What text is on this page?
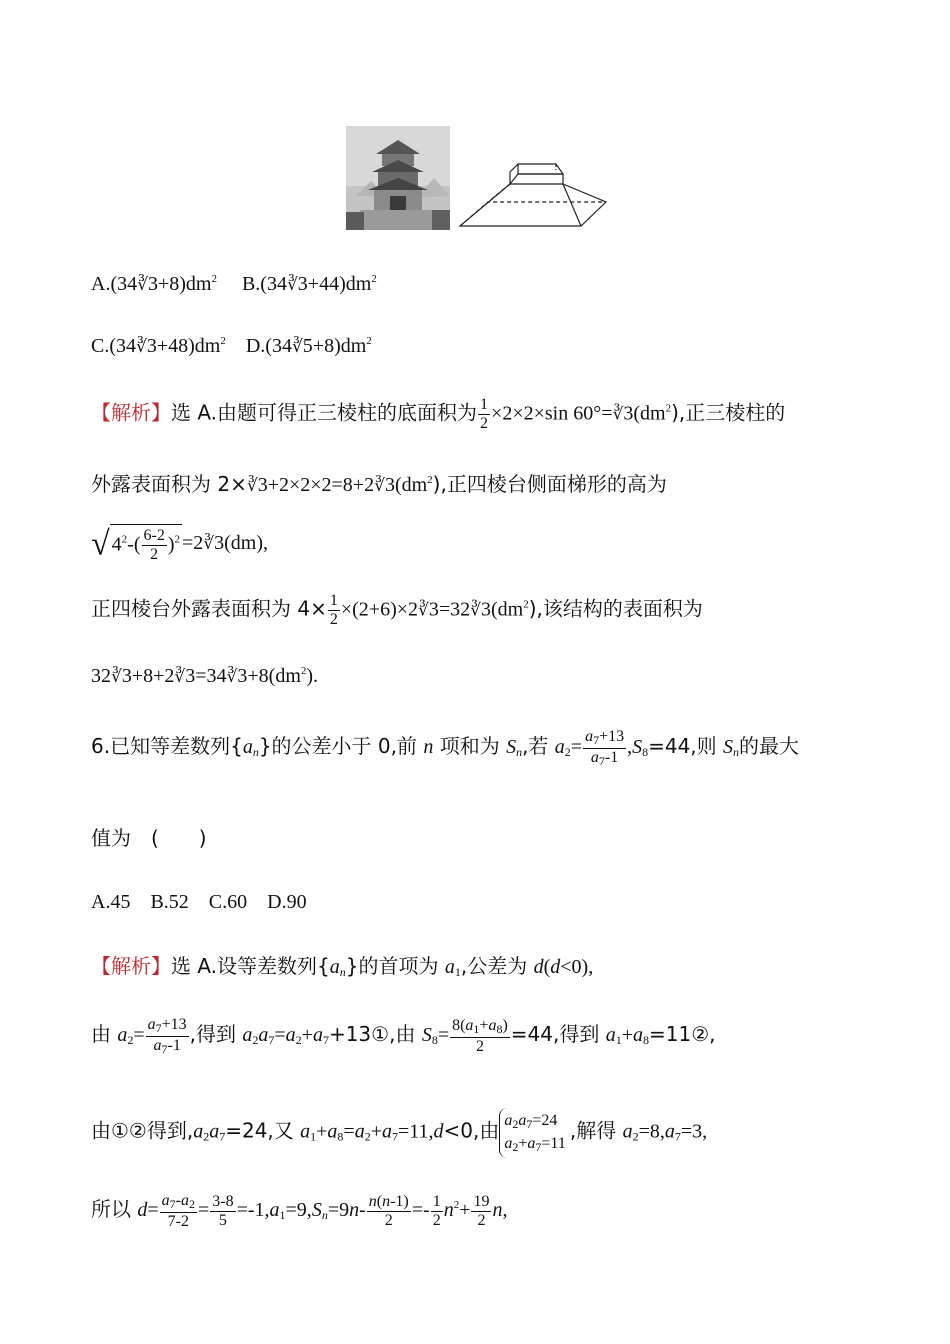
$A.(34∛3+8)dm^2$ $B.(34∛3+44)dm^2$
$C.(34∛3+48)dm^2$ $D.(34∛5+8)dm^2$
【解析】选 A.由题可得正三棱柱的底面积为 $\frac{1}{2} \times 2\times 2\times\sin$ $60^\circ=∛3(dm^2)$,正三棱柱的
外露表面积为 $2\times∛3+2\times 2\times 2=8+2∛3(dm^2)$,正四棱台侧面梯形的高为
√ $4^2-( \frac{6-2}{2} )^2$ =2∛3(dm),
正四棱台外露表面积为 $4\times \frac{1}{2}$ $\times(2+6)\times 2∛3=32∛3(dm^2)$,该结构的表面积为
$32∛3+8+2∛3=34∛3+8(dm^2)$.
6.已知等差数列$\{a_n\}$的公差小于 0,前 n 项和为 $S_n$,若 $a_2= \frac{a_7+13}{a_7-1} ,S_8=44$,则 $S_n$的最大
值为　(　　)
A.45　B.52　C.60　D.90
【解析】选 A.设等差数列$\{a_n\}$的首项为 $a_1$,公差为 d(d<0),
由 $a_2= \frac{a_7+13}{a_7-1}$ ,得到 $a_2a_7=a_2+a_7+13①$,由 $S_8= \frac{8(a_1+a_8)}{2} =44$,得到 $a_1+a_8=11②$,
由①②得到$,a_2a_7=24$,又 $a_1+a_8=a_2+a_7=11,d<0$,由 $a_2a_7=24$
$a_2+a_7=11$
,解得 $a_2=8,a_7=3$,
所以 $d= \frac{a_7-a_2}{7-2} = \frac{3-8}{5} =-1,a_1=9,S_n=9n- \frac{n(n-1)}{2} =- \frac{1}{2} n^2+ \frac{19}{2} n$,
